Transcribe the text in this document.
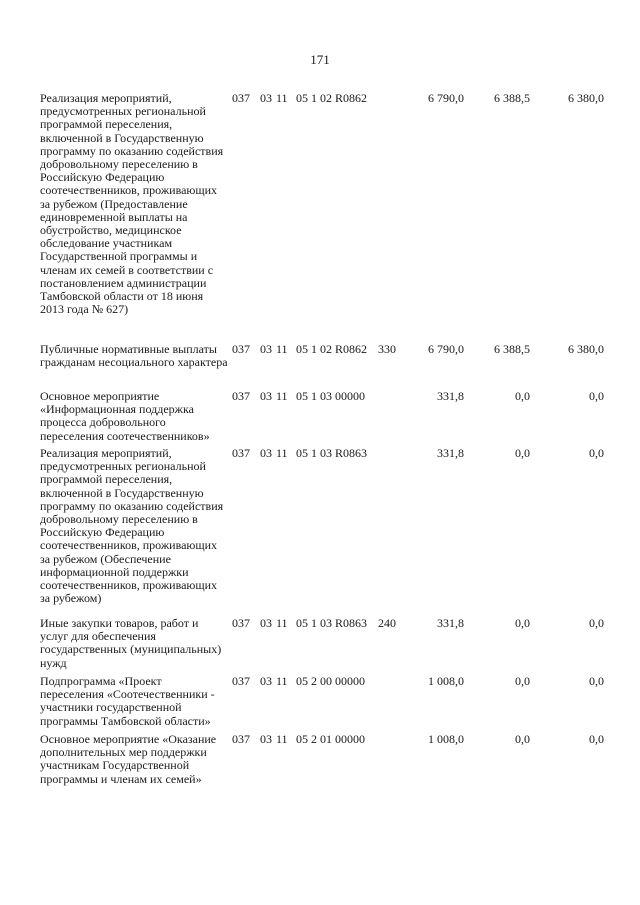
171
Реализация мероприятий, предусмотренных региональной программой переселения, включенной в Государственную программу по оказанию содействия добровольному переселению в Российскую Федерацию соотечественников, проживающих за рубежом (Предоставление единовременной выплаты на обустройство, медицинское обследование участникам Государственной программы и членам их семей в соответствии с постановлением администрации Тамбовской области от 18 июня 2013 года № 627)
037 03 11 05 1 02 R0862	6 790,0	6 388,5	6 380,0
Публичные нормативные выплаты гражданам несоциального характера
037 03 11 05 1 02 R0862 330	6 790,0	6 388,5	6 380,0
Основное мероприятие «Информационная поддержка процесса добровольного переселения соотечественников»
037 03 11 05 1 03 00000	331,8	0,0	0,0
Реализация мероприятий, предусмотренных региональной программой переселения, включенной в Государственную программу по оказанию содействия добровольному переселению в Российскую Федерацию соотечественников, проживающих за рубежом (Обеспечение информационной поддержки соотечественников, проживающих за рубежом)
037 03 11 05 1 03 R0863	331,8	0,0	0,0
Иные закупки товаров, работ и услуг для обеспечения государственных (муниципальных) нужд
037 03 11 05 1 03 R0863 240	331,8	0,0	0,0
Подпрограмма «Проект переселения «Соотечественники - участники государственной программы Тамбовской области»
037 03 11 05 2 00 00000	1 008,0	0,0	0,0
Основное мероприятие «Оказание дополнительных мер поддержки участникам Государственной программы и членам их семей»
037 03 11 05 2 01 00000	1 008,0	0,0	0,0
